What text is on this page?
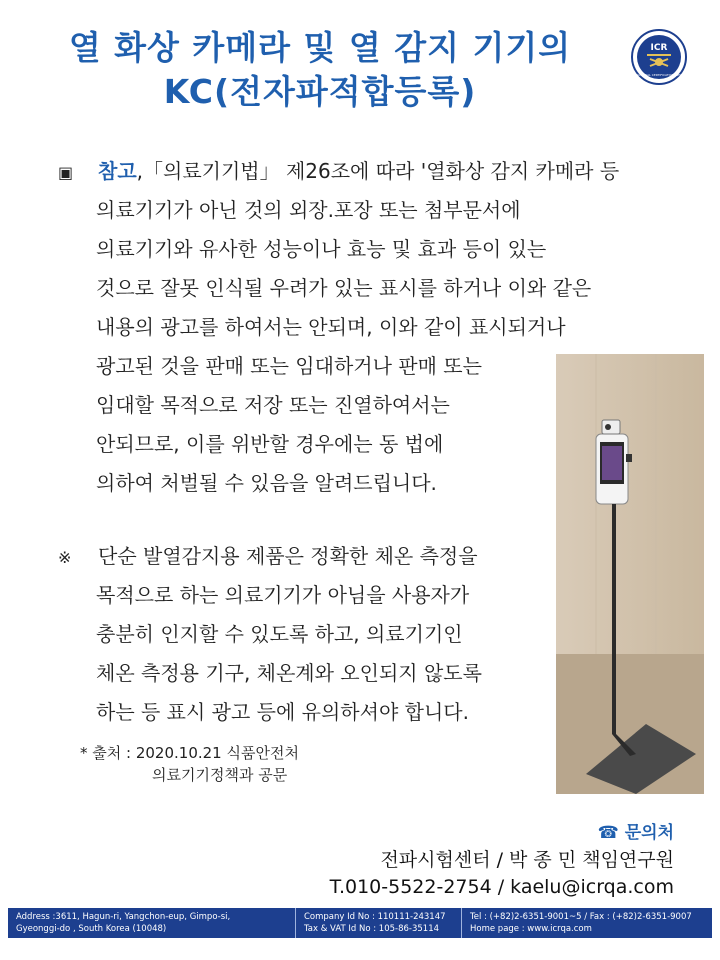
열 화상 카메라 및 열 감지 기기의
KC(전자파적합등록)
ICR
INTERNATIONAL CERTIFICATION RESEARCH
▣ 참고,「의료기기법」 제26조에 따라 '열화상 감지 카메라 등
의료기기가 아닌 것의 외장.포장 또는 첨부문서에
의료기기와 유사한 성능이나 효능 및 효과 등이 있는
것으로 잘못 인식될 우려가 있는 표시를 하거나 이와 같은
내용의 광고를 하여서는 안되며, 이와 같이 표시되거나
광고된 것을 판매 또는 임대하거나 판매 또는
임대할 목적으로 저장 또는 진열하여서는
안되므로, 이를 위반할 경우에는 동 법에
의하여 처벌될 수 있음을 알려드립니다.
※ 단순 발열감지용 제품은 정확한 체온 측정을
목적으로 하는 의료기기가 아님을 사용자가
충분히 인지할 수 있도록 하고, 의료기기인
체온 측정용 기구, 체온계와 오인되지 않도록
하는 등 표시 광고 등에 유의하셔야 합니다.
* 출처 : 2020.10.21 식품안전처
의료기기정책과 공문
☎ 문의처
전파시험센터 / 박 종 민 책임연구원
T.010-5522-2754 / kaelu@icrqa.com
Address :3611, Hagun-ri, Yangchon-eup, Gimpo-si,
Gyeonggi-do , South Korea (10048)
Company Id No : 110111-243147
Tax & VAT Id No : 105-86-35114
Tel : (+82)2-6351-9001~5 / Fax : (+82)2-6351-9007
Home page : www.icrqa.com
